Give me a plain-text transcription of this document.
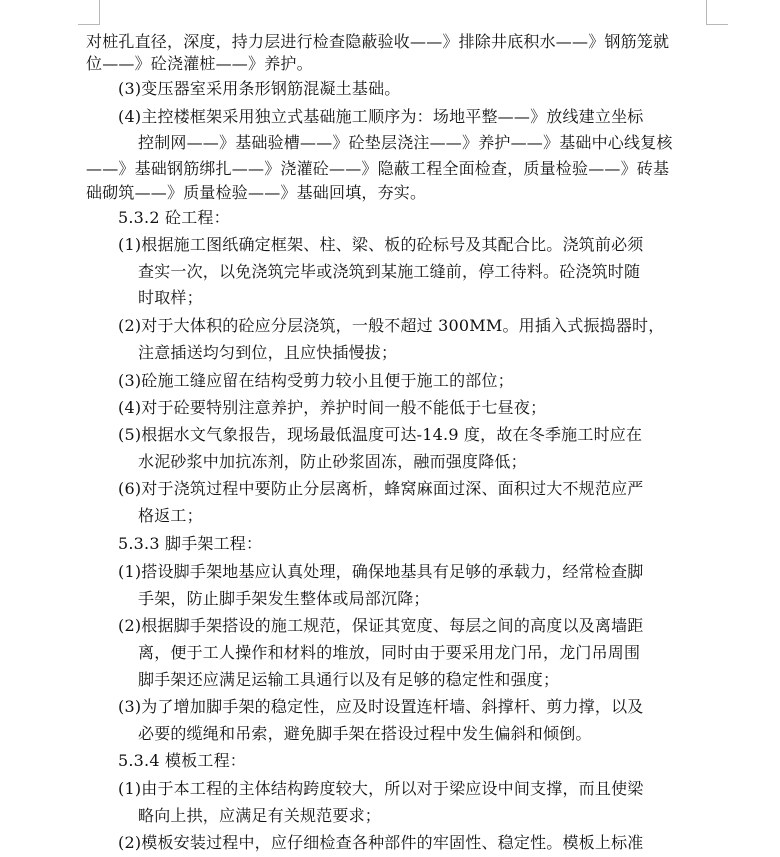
对桩孔直径，深度，持力层进行检查隐蔽验收——》排除井底积水——》钢筋笼就
位——》砼浇灌桩——》养护。
(3)变压器室采用条形钢筋混凝土基础。
(4)主控楼框架采用独立式基础施工顺序为：场地平整——》放线建立坐标
控制网——》基础验槽——》砼垫层浇注——》养护——》基础中心线复核
——》基础钢筋绑扎——》浇灌砼——》隐蔽工程全面检查，质量检验——》砖基
础砌筑——》质量检验——》基础回填，夯实。
5.3.2 砼工程：
(1)根据施工图纸确定框架、柱、梁、板的砼标号及其配合比。浇筑前必须
查实一次，以免浇筑完毕或浇筑到某施工缝前，停工待料。砼浇筑时随
时取样；
(2)对于大体积的砼应分层浇筑，一般不超过 300MM。用插入式振捣器时，
注意插送均匀到位，且应快插慢拔；
(3)砼施工缝应留在结构受剪力较小且便于施工的部位；
(4)对于砼要特别注意养护，养护时间一般不能低于七昼夜；
(5)根据水文气象报告，现场最低温度可达-14.9 度，故在冬季施工时应在
水泥砂浆中加抗冻剂，防止砂浆固冻，融而强度降低；
(6)对于浇筑过程中要防止分层离析，蜂窝麻面过深、面积过大不规范应严
格返工；
5.3.3 脚手架工程：
(1)搭设脚手架地基应认真处理，确保地基具有足够的承载力，经常检查脚
手架，防止脚手架发生整体或局部沉降；
(2)根据脚手架搭设的施工规范，保证其宽度、每层之间的高度以及离墙距
离，便于工人操作和材料的堆放，同时由于要采用龙门吊，龙门吊周围
脚手架还应满足运输工具通行以及有足够的稳定性和强度；
(3)为了增加脚手架的稳定性，应及时设置连杆墙、斜撑杆、剪力撑，以及
必要的缆绳和吊索，避免脚手架在搭设过程中发生偏斜和倾倒。
5.3.4 模板工程：
(1)由于本工程的主体结构跨度较大，所以对于梁应设中间支撑，而且使梁
略向上拱，应满足有关规范要求；
(2)模板安装过程中，应仔细检查各种部件的牢固性、稳定性。模板上标准
